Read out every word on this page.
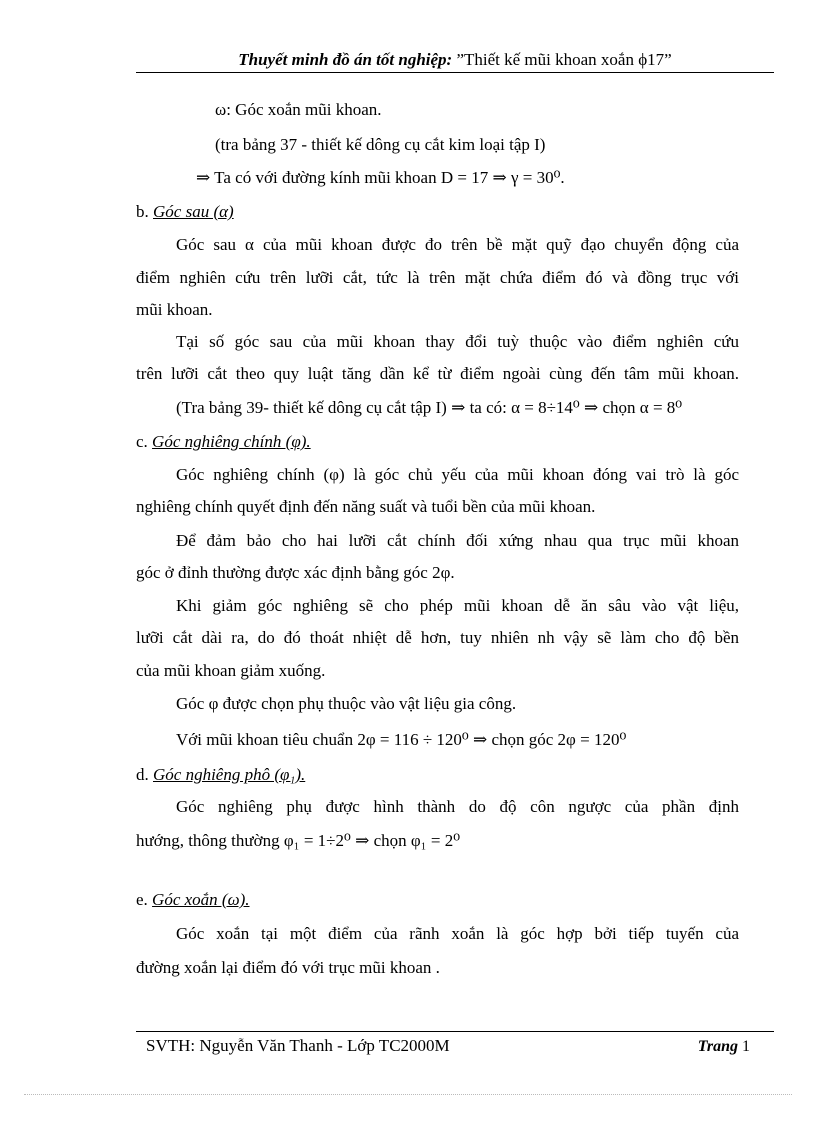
Thuyết minh đồ án tốt nghiệp: ”Thiết kế mũi khoan xoắn ϕ17”
ω: Góc xoắn mũi khoan.
(tra bảng 37 - thiết kế dông cụ cắt kim loại tập I)
⇒ Ta có với đường kính mũi khoan D = 17 ⇒ γ = 30⁰.
b. Góc sau (α)
Góc sau α của mũi khoan được đo trên bề mặt quỹ đạo chuyển động của
điểm nghiên cứu trên lưỡi cắt, tức là trên mặt chứa điểm đó và đồng trục với
mũi khoan.
Tại số góc sau của mũi khoan thay đổi tuỳ thuộc vào điểm nghiên cứu
trên lưỡi cắt theo quy luật tăng dần kể từ điểm ngoài cùng đến tâm mũi khoan.
(Tra bảng 39- thiết kế dông cụ cắt tập I) ⇒ ta có: α = 8÷14⁰ ⇒ chọn α = 8⁰
c. Góc nghiêng chính (φ).
Góc nghiêng chính (φ) là góc chủ yếu của mũi khoan đóng vai trò là góc
nghiêng chính quyết định đến năng suất và tuổi bền của mũi khoan.
Để đảm bảo cho hai lưỡi cắt chính đối xứng nhau qua trục mũi khoan
góc ở đỉnh thường được xác định bằng góc 2φ.
Khi giảm góc nghiêng sẽ cho phép mũi khoan dễ ăn sâu vào vật liệu,
lưỡi cắt dài ra, do đó thoát nhiệt dễ hơn, tuy nhiên nh vậy sẽ làm cho độ bền
của mũi khoan giảm xuống.
Góc φ được chọn phụ thuộc vào vật liệu gia công.
Với mũi khoan tiêu chuẩn 2φ = 116 ÷ 120⁰ ⇒ chọn góc 2φ = 120⁰
d. Góc nghiêng phô (φ₁).
Góc nghiêng phụ được hình thành do độ côn ngược của phần định
hướng, thông thường φ₁ = 1÷2⁰ ⇒ chọn φ₁ = 2⁰
e. Góc xoắn (ω).
Góc xoắn tại một điểm của rãnh xoắn là góc hợp bởi tiếp tuyến của
đường xoắn lại điểm đó với trục mũi khoan .
SVTH: Nguyễn Văn Thanh - Lớp TC2000M	Trang 1
